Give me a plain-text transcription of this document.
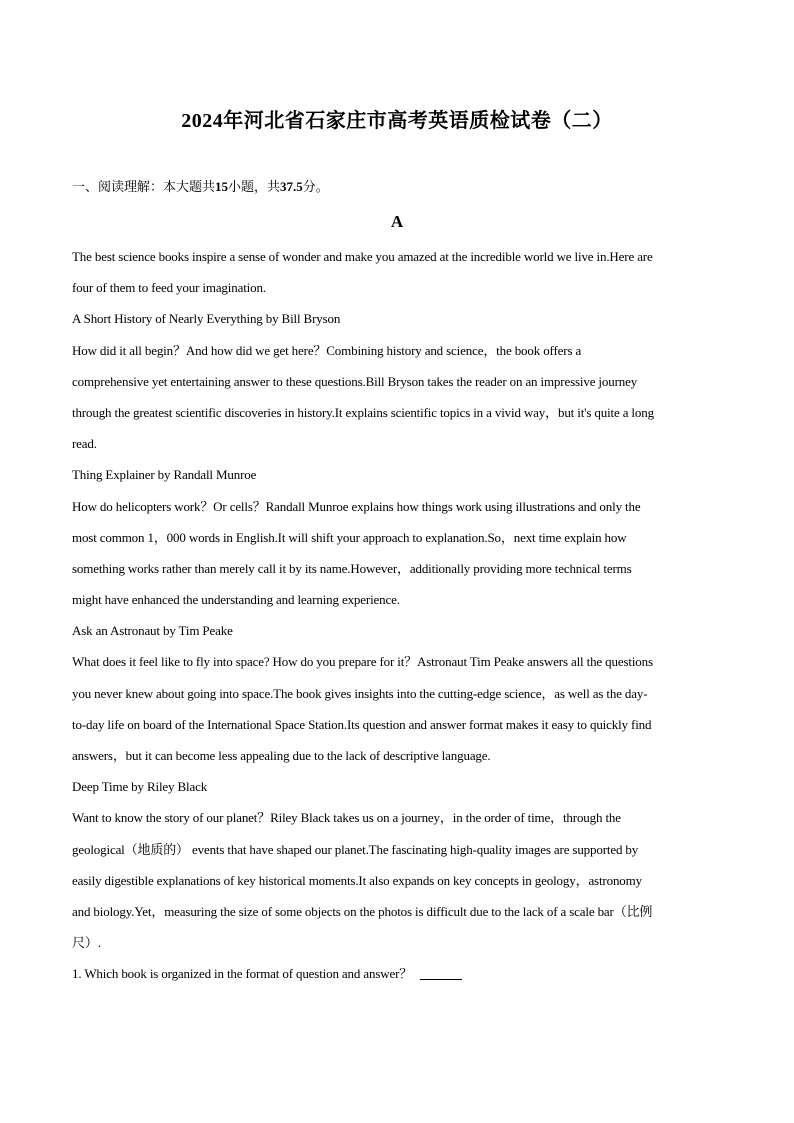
2024年河北省石家庄市高考英语质检试卷（二）
一、阅读理解：本大题共15小题，共37.5分。
A
The best science books inspire a sense of wonder and make you amazed at the incredible world we live in.Here are
four of them to feed your imagination.
A Short History of Nearly Everything by Bill Bryson
How did it all begin？And how did we get here？Combining history and science，the book offers a
comprehensive yet entertaining answer to these questions.Bill Bryson takes the reader on an impressive journey
through the greatest scientific discoveries in history.It explains scientific topics in a vivid way，but it's quite a long
read.
Thing Explainer by Randall Munroe
How do helicopters work？Or cells？Randall Munroe explains how things work using illustrations and only the
most common 1，000 words in English.It will shift your approach to explanation.So，next time explain how
something works rather than merely call it by its name.However，additionally providing more technical terms
might have enhanced the understanding and learning experience.
Ask an Astronaut by Tim Peake
What does it feel like to fly into space? How do you prepare for it？Astronaut Tim Peake answers all the questions
you never knew about going into space.The book gives insights into the cutting-edge science，as well as the day-
to-day life on board of the International Space Station.Its question and answer format makes it easy to quickly find
answers，but it can become less appealing due to the lack of descriptive language.
Deep Time by Riley Black
Want to know the story of our planet？Riley Black takes us on a journey，in the order of time，through the
geological（地质的） events that have shaped our planet.The fascinating high-quality images are supported by
easily digestible explanations of key historical moments.It also expands on key concepts in geology，astronomy
and biology.Yet，measuring the size of some objects on the photos is difficult due to the lack of a scale bar（比例
尺）.
1. Which book is organized in the format of question and answer？
